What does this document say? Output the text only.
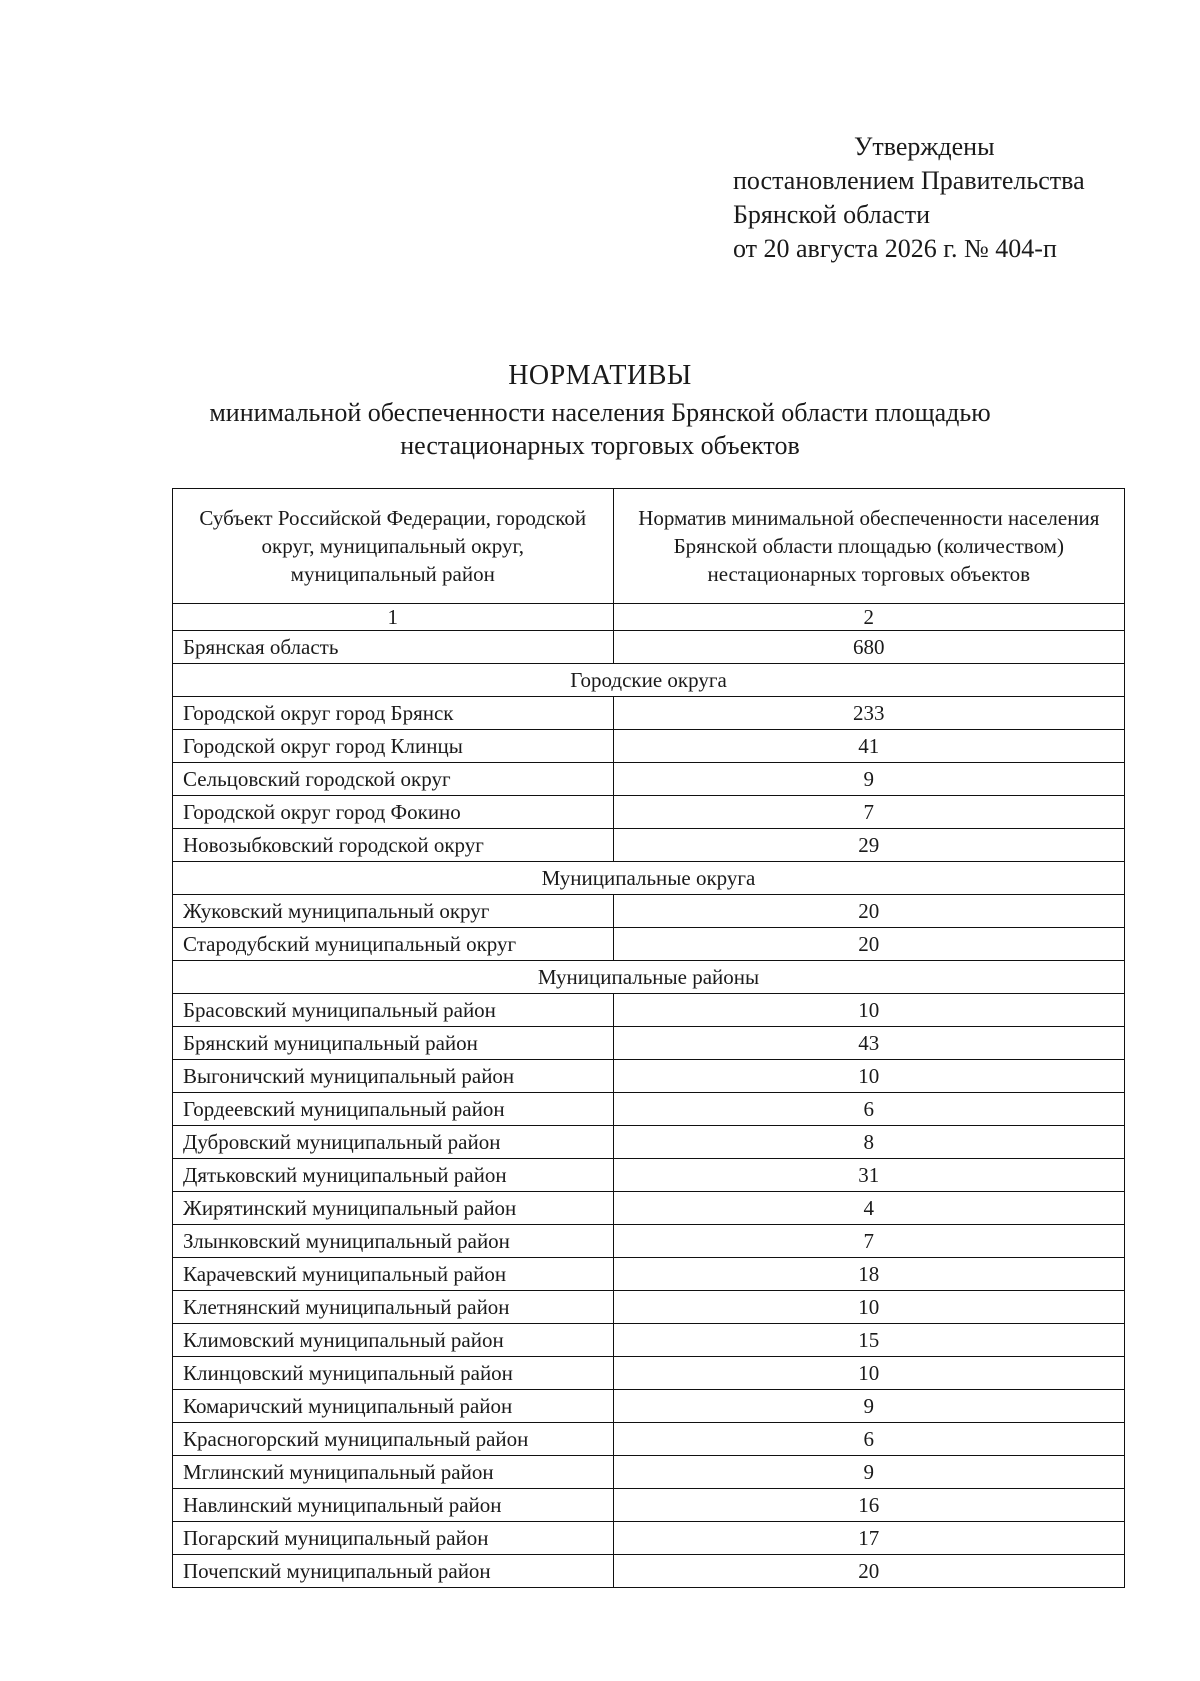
Утверждены
постановлением Правительства
Брянской области
от 20 августа 2026 г. № 404-п
НОРМАТИВЫ
минимальной обеспеченности населения Брянской области площадью
нестационарных торговых объектов
Субъект Российской Федерации, городской округ, муниципальный округ, муниципальный район	Норматив минимальной обеспеченности населения Брянской области площадью (количеством) нестационарных торговых объектов
1	2
Брянская область	680
Городские округа	
Городской округ город Брянск	233
Городской округ город Клинцы	41
Сельцовский городской округ	9
Городской округ город Фокино	7
Новозыбковский городской округ	29
Муниципальные округа	
Жуковский муниципальный округ	20
Стародубский муниципальный округ	20
Муниципальные районы	
Брасовский муниципальный район	10
Брянский муниципальный район	43
Выгоничский муниципальный район	10
Гордеевский муниципальный район	6
Дубровский муниципальный район	8
Дятьковский муниципальный район	31
Жирятинский муниципальный район	4
Злынковский муниципальный район	7
Карачевский муниципальный район	18
Клетнянский муниципальный район	10
Климовский муниципальный район	15
Клинцовский муниципальный район	10
Комаричский муниципальный район	9
Красногорский муниципальный район	6
Мглинский муниципальный район	9
Навлинский муниципальный район	16
Погарский муниципальный район	17
Почепский муниципальный район	20
